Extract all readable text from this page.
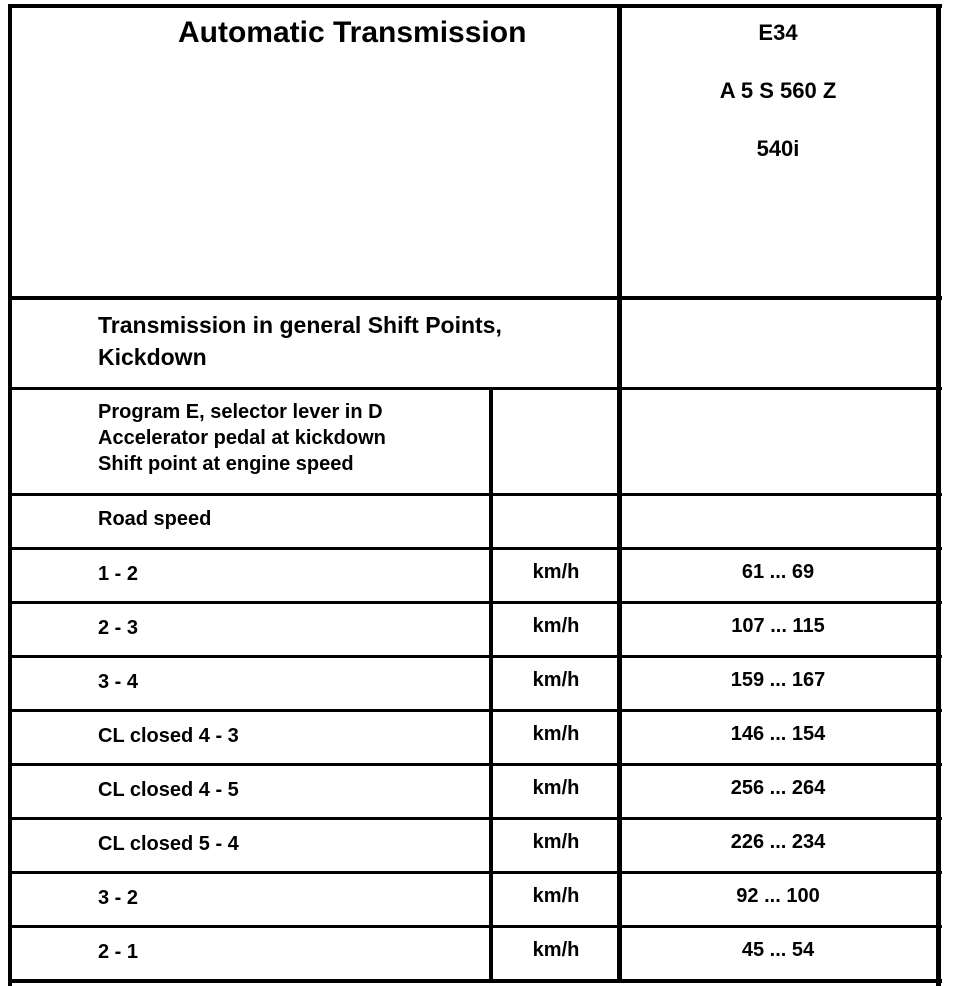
Automatic Transmission	E34
A 5 S 560 Z
540i
Transmission in general Shift Points,
Kickdown
Program E, selector lever in D
Accelerator pedal at kickdown
Shift point at engine speed
Road speed
1 - 2	km/h	61 ... 69
2 - 3	km/h	107 ... 115
3 - 4	km/h	159 ... 167
CL closed 4 - 3	km/h	146 ... 154
CL closed 4 - 5	km/h	256 ... 264
CL closed 5 - 4	km/h	226 ... 234
3 - 2	km/h	92 ... 100
2 - 1	km/h	45 ... 54
